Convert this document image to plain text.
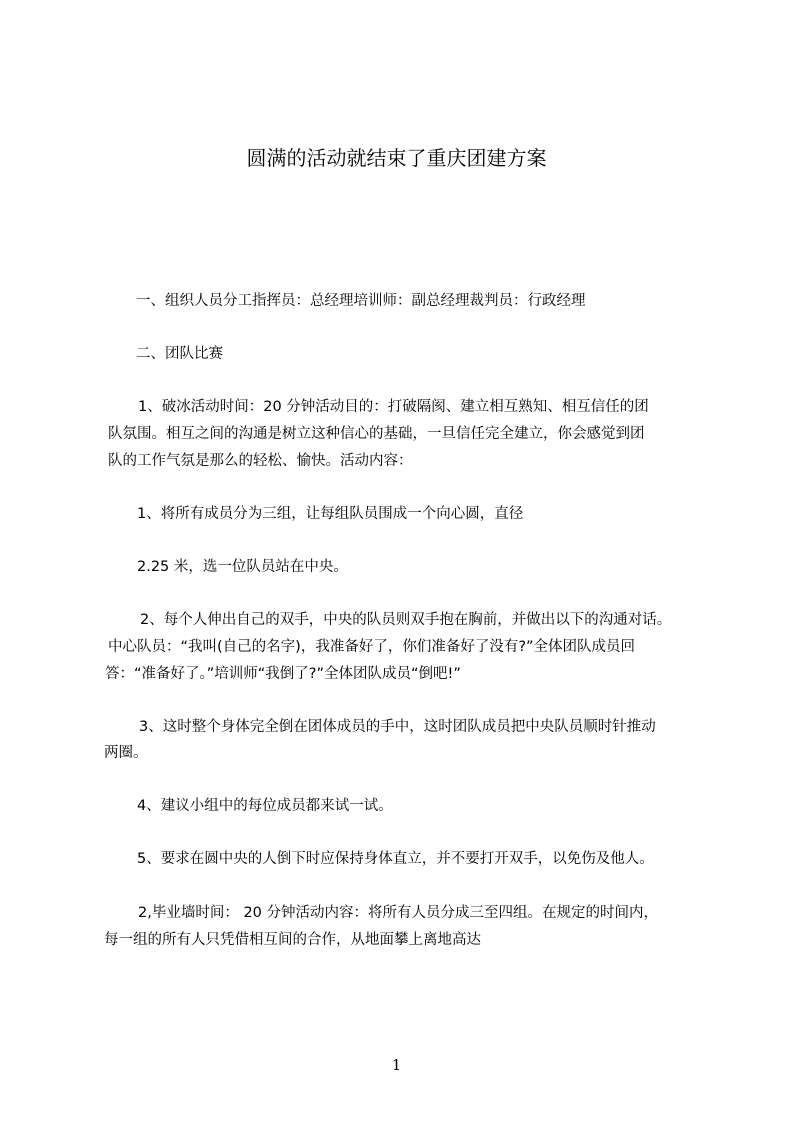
圆满的活动就结束了重庆团建方案
一、组织人员分工指挥员：总经理培训师：副总经理裁判员：行政经理
二、团队比赛
1、破冰活动时间：20 分钟活动目的：打破隔阂、建立相互熟知、相互信任的团
队氛围。相互之间的沟通是树立这种信心的基础，一旦信任完全建立，你会感觉到团
队的工作气氛是那么的轻松、愉快。活动内容：
1、将所有成员分为三组，让每组队员围成一个向心圆，直径
2.25 米，选一位队员站在中央。
2、每个人伸出自己的双手，中央的队员则双手抱在胸前，并做出以下的沟通对话。
中心队员：“我叫(自己的名字)，我准备好了，你们准备好了没有?”全体团队成员回
答：“准备好了。”培训师“我倒了?”全体团队成员“倒吧!”
3、这时整个身体完全倒在团体成员的手中，这时团队成员把中央队员顺时针推动
两圈。
4、建议小组中的每位成员都来试一试。
5、要求在圆中央的人倒下时应保持身体直立，并不要打开双手，以免伤及他人。
2,毕业墙时间： 20 分钟活动内容：将所有人员分成三至四组。在规定的时间内，
每一组的所有人只凭借相互间的合作，从地面攀上离地高达
1
